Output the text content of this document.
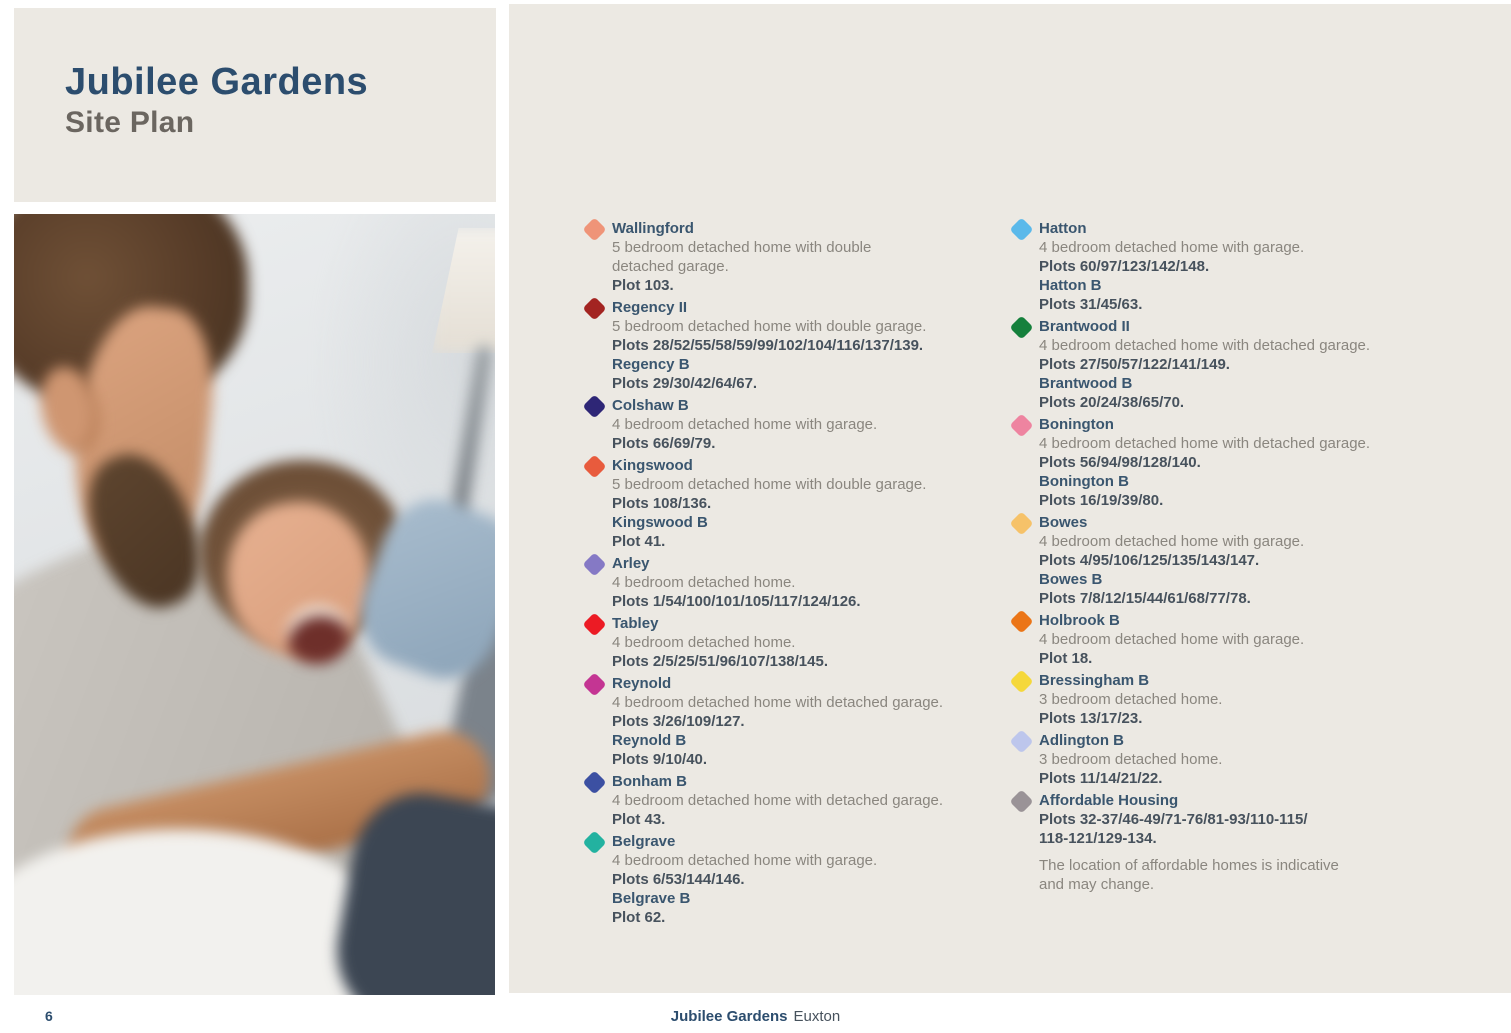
Jubilee Gardens
Site Plan
Wallingford
5 bedroom detached home with double
detached garage.
Plot 103.
Regency II
5 bedroom detached home with double garage.
Plots 28/52/55/58/59/99/102/104/116/137/139.
Regency B
Plots 29/30/42/64/67.
Colshaw B
4 bedroom detached home with garage.
Plots 66/69/79.
Kingswood
5 bedroom detached home with double garage.
Plots 108/136.
Kingswood B
Plot 41.
Arley
4 bedroom detached home.
Plots 1/54/100/101/105/117/124/126.
Tabley
4 bedroom detached home.
Plots 2/5/25/51/96/107/138/145.
Reynold
4 bedroom detached home with detached garage.
Plots 3/26/109/127.
Reynold B
Plots 9/10/40.
Bonham B
4 bedroom detached home with detached garage.
Plot 43.
Belgrave
4 bedroom detached home with garage.
Plots 6/53/144/146.
Belgrave B
Plot 62.
Hatton
4 bedroom detached home with garage.
Plots 60/97/123/142/148.
Hatton B
Plots 31/45/63.
Brantwood II
4 bedroom detached home with detached garage.
Plots 27/50/57/122/141/149.
Brantwood B
Plots 20/24/38/65/70.
Bonington
4 bedroom detached home with detached garage.
Plots 56/94/98/128/140.
Bonington B
Plots 16/19/39/80.
Bowes
4 bedroom detached home with garage.
Plots 4/95/106/125/135/143/147.
Bowes B
Plots 7/8/12/15/44/61/68/77/78.
Holbrook B
4 bedroom detached home with garage.
Plot 18.
Bressingham B
3 bedroom detached home.
Plots 13/17/23.
Adlington B
3 bedroom detached home.
Plots 11/14/21/22.
Affordable Housing
Plots 32-37/46-49/71-76/81-93/110-115/
118-121/129-134.
The location of affordable homes is indicative
and may change.
6	Jubilee Gardens Euxton
